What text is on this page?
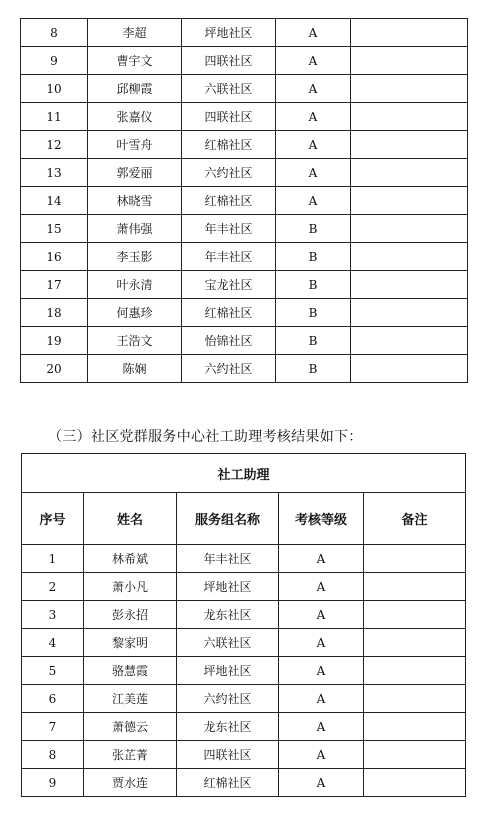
8	李超	坪地社区	A	
9	曹宇文	四联社区	A	
10	邱柳霞	六联社区	A	
11	张嘉仪	四联社区	A	
12	叶雪舟	红棉社区	A	
13	郭爱丽	六约社区	A	
14	林晓雪	红棉社区	A	
15	萧伟强	年丰社区	B	
16	李玉影	年丰社区	B	
17	叶永清	宝龙社区	B	
18	何惠珍	红棉社区	B	
19	王浩文	怡锦社区	B	
20	陈娴	六约社区	B	
（三）社区党群服务中心社工助理考核结果如下：
社工助理				
序号	姓名	服务组名称	考核等级	备注
1	林希斌	年丰社区	A	
2	萧小凡	坪地社区	A	
3	彭永招	龙东社区	A	
4	黎家明	六联社区	A	
5	骆慧霞	坪地社区	A	
6	江美莲	六约社区	A	
7	萧德云	龙东社区	A	
8	张芷菁	四联社区	A	
9	贾水连	红棉社区	A	
